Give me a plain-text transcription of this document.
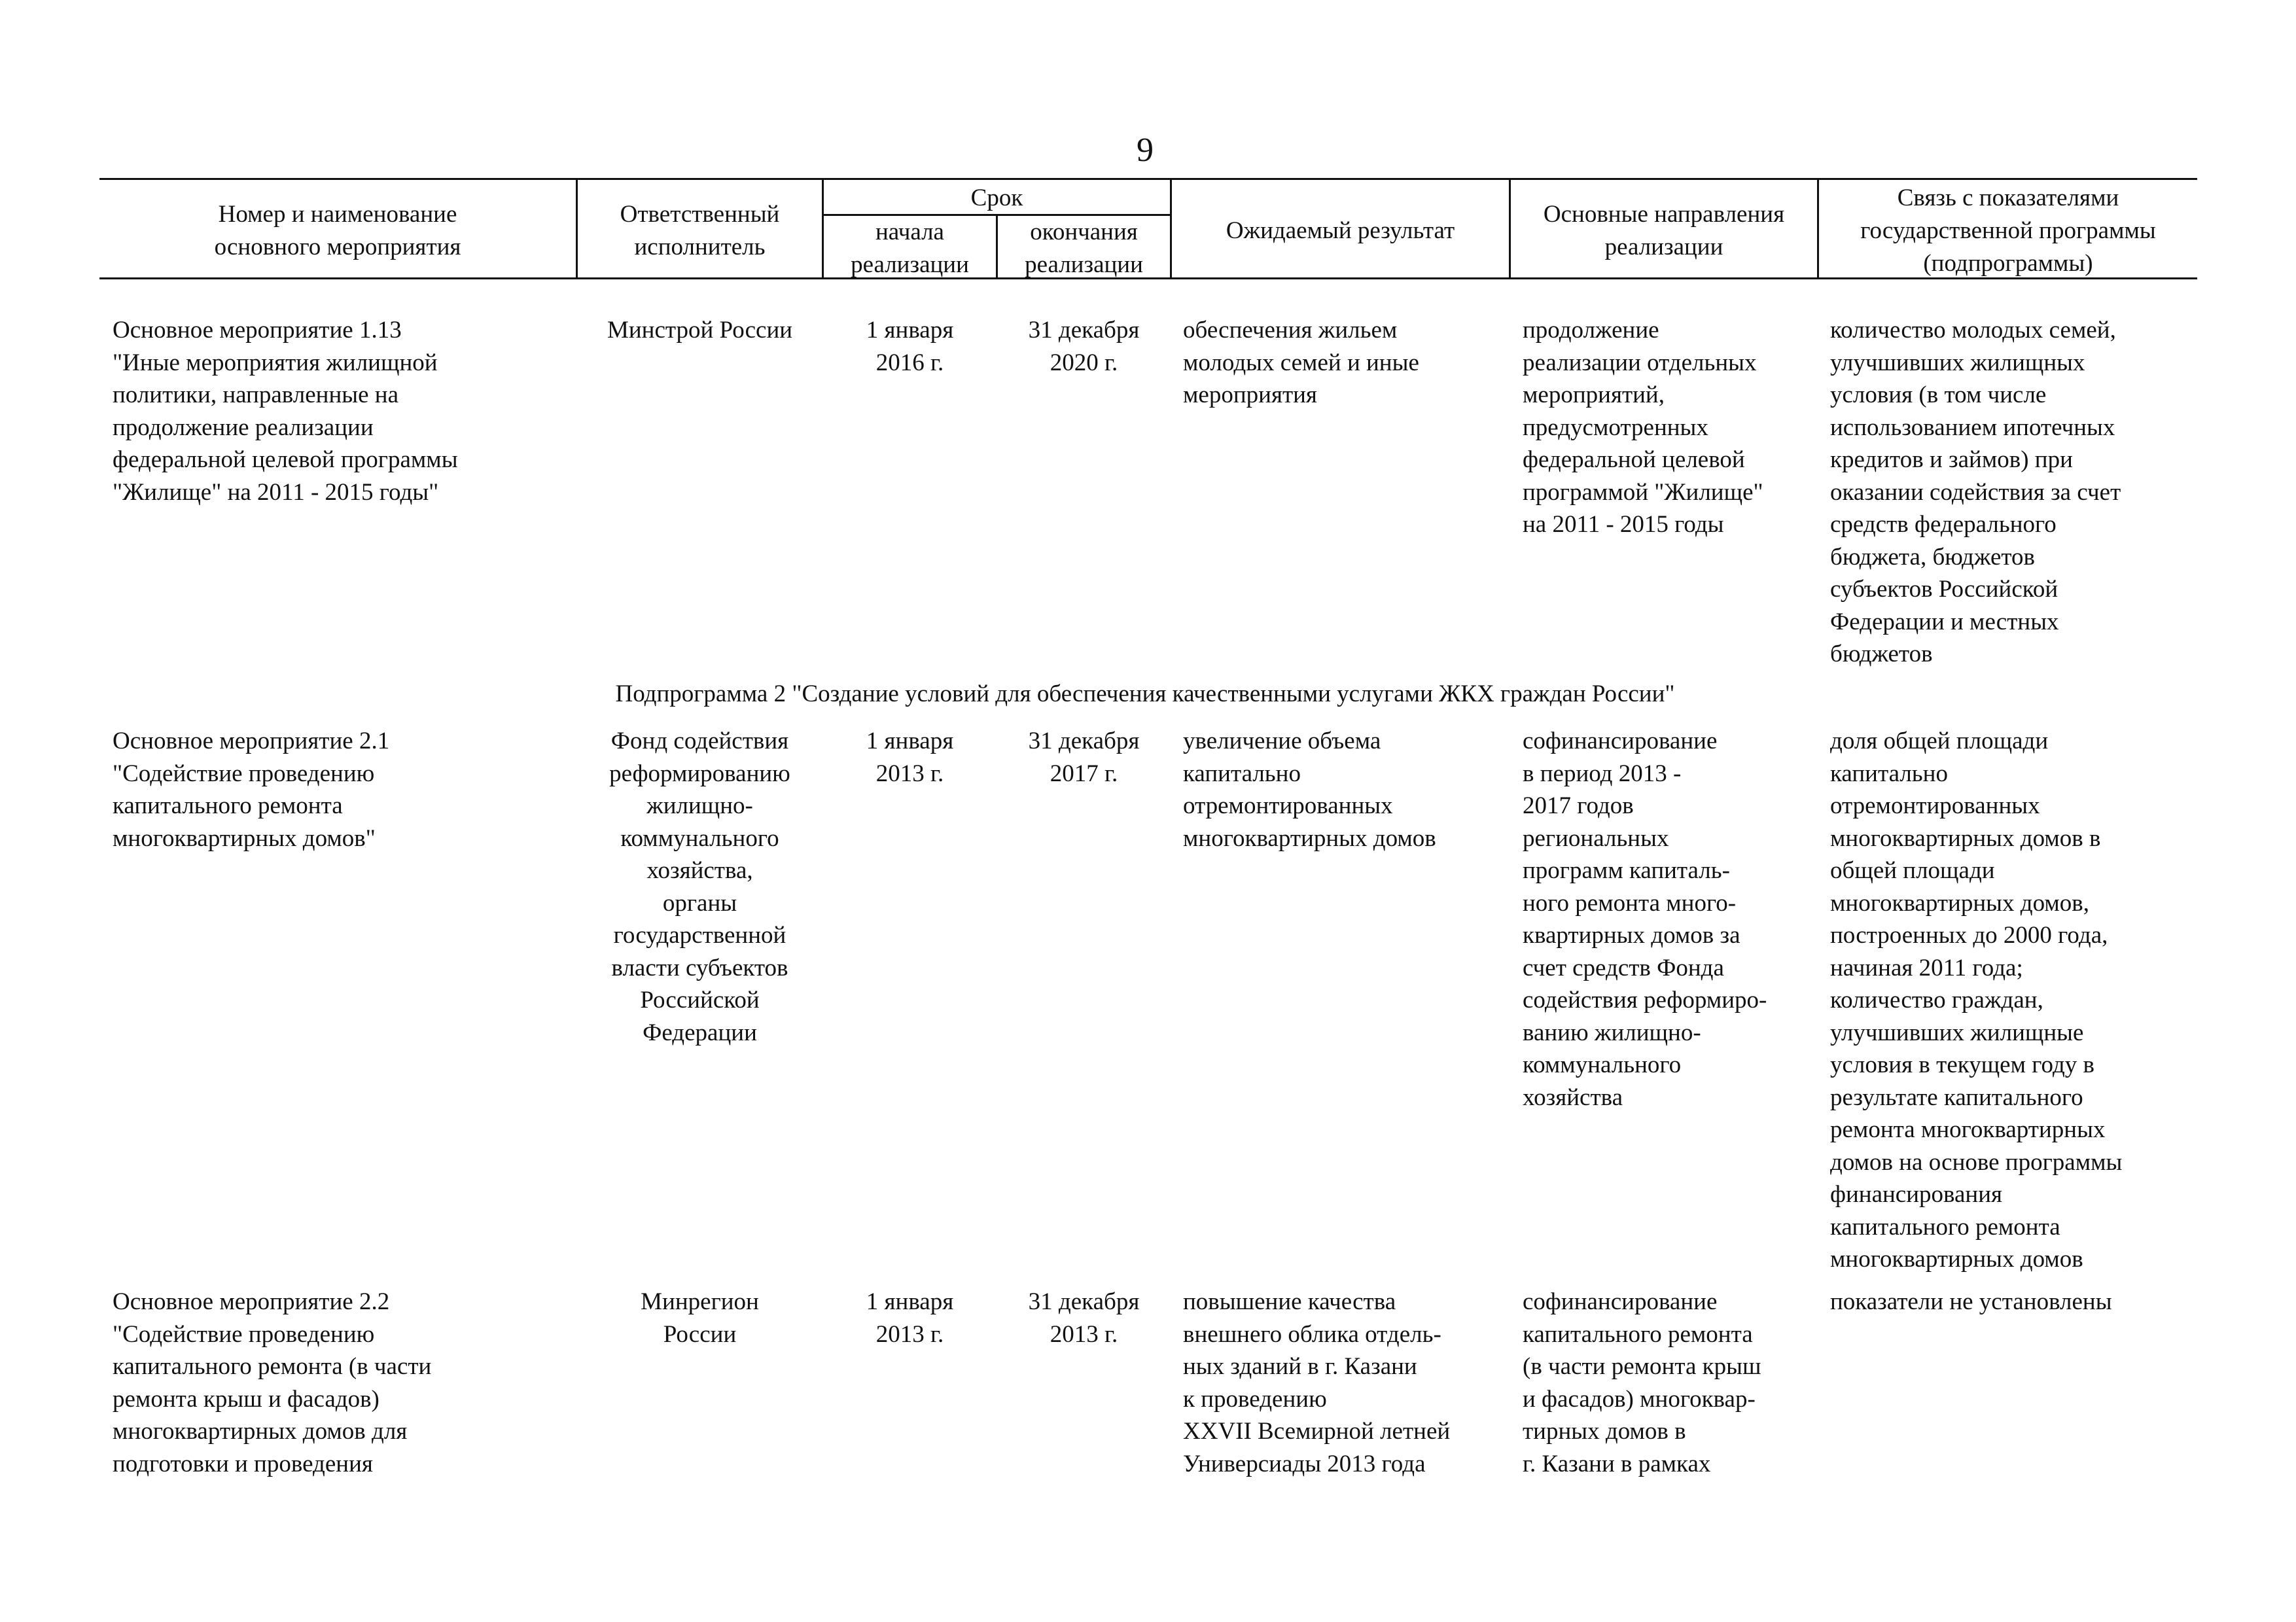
9
Номер и наименование
основного мероприятия
Ответственный
исполнитель
Срок
начала
реализации
окончания
реализации
Ожидаемый результат
Основные направления
реализации
Связь с показателями
государственной программы
(подпрограммы)
Основное мероприятие 1.13
"Иные мероприятия жилищной
политики, направленные на
продолжение реализации
федеральной целевой программы
"Жилище" на 2011 - 2015 годы"
Минстрой России	1 января
2016 г.
31 декабря
2020 г.
обеспечения жильем
молодых семей и иные
мероприятия
продолжение
реализации отдельных
мероприятий,
предусмотренных
федеральной целевой
программой "Жилище"
на 2011 - 2015 годы
количество молодых семей,
улучшивших жилищных
условия (в том числе
использованием ипотечных
кредитов и займов) при
оказании содействия за счет
средств федерального
бюджета, бюджетов
субъектов Российской
Федерации и местных
бюджетов
Подпрограмма 2 "Создание условий для обеспечения качественными услугами ЖКХ граждан России"
Основное мероприятие 2.1
"Содействие проведению
капитального ремонта
многоквартирных домов"
Фонд содействия
реформированию
жилищно-
коммунального
хозяйства,
органы
государственной
власти субъектов
Российской
Федерации
1 января
2013 г.
31 декабря
2017 г.
увеличение объема
капитально
отремонтированных
многоквартирных домов
софинансирование
в период 2013 -
2017 годов
региональных
программ капиталь-
ного ремонта много-
квартирных домов за
счет средств Фонда
содействия реформиро-
ванию жилищно-
коммунального
хозяйства
доля общей площади
капитально
отремонтированных
многоквартирных домов в
общей площади
многоквартирных домов,
построенных до 2000 года,
начиная 2011 года;
количество граждан,
улучшивших жилищные
условия в текущем году в
результате капитального
ремонта многоквартирных
домов на основе программы
финансирования
капитального ремонта
многоквартирных домов
Основное мероприятие 2.2
"Содействие проведению
капитального ремонта (в части
ремонта крыш и фасадов)
многоквартирных домов для
подготовки и проведения
Минрегион
России
1 января
2013 г.
31 декабря
2013 г.
повышение качества
внешнего облика отдель-
ных зданий в г. Казани
к проведению
XXVII Всемирной летней
Универсиады 2013 года
софинансирование
капитального ремонта
(в части ремонта крыш
и фасадов) многоквар-
тирных домов в
г. Казани в рамках
показатели не установлены
